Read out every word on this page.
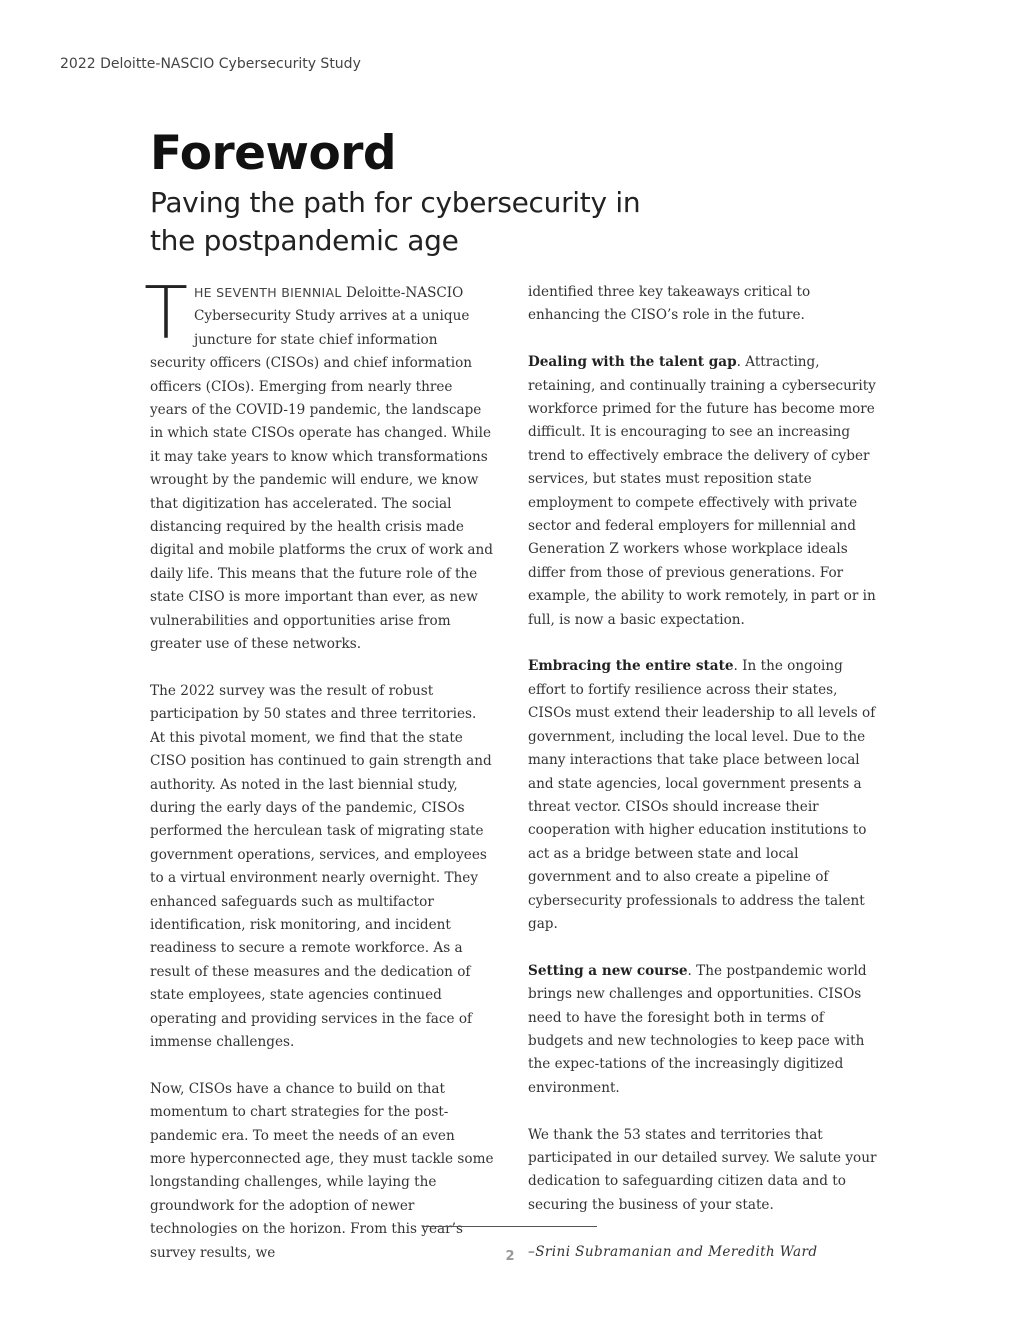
2022 Deloitte-NASCIO Cybersecurity Study
Foreword
Paving the path for cybersecurity in the postpandemic age

THE SEVENTH BIENNIAL Deloitte-NASCIO Cybersecurity Study arrives at a unique juncture for state chief information security officers (CISOs) and chief information officers (CIOs). Emerging from nearly three years of the COVID-19 pandemic, the landscape in which state CISOs operate has changed. While it may take years to know which transformations wrought by the pandemic will endure, we know that digitization has accelerated. The social distancing required by the health crisis made digital and mobile platforms the crux of work and daily life. This means that the future role of the state CISO is more important than ever, as new vulnerabilities and opportunities arise from greater use of these networks.

The 2022 survey was the result of robust participation by 50 states and three territories. At this pivotal moment, we find that the state CISO position has continued to gain strength and authority. As noted in the last biennial study, during the early days of the pandemic, CISOs performed the herculean task of migrating state government operations, services, and employees to a virtual environment nearly overnight. They enhanced safeguards such as multifactor identification, risk monitoring, and incident readiness to secure a remote workforce. As a result of these measures and the dedication of state employees, state agencies continued operating and providing services in the face of immense challenges.

Now, CISOs have a chance to build on that momentum to chart strategies for the post-pandemic era. To meet the needs of an even more hyperconnected age, they must tackle some longstanding challenges, while laying the groundwork for the adoption of newer technologies on the horizon. From this year’s survey results, we

identified three key takeaways critical to enhancing the CISO’s role in the future.

Dealing with the talent gap. Attracting, retaining, and continually training a cybersecurity workforce primed for the future has become more difficult. It is encouraging to see an increasing trend to effectively embrace the delivery of cyber services, but states must reposition state employment to compete effectively with private sector and federal employers for millennial and Generation Z workers whose workplace ideals differ from those of previous generations. For example, the ability to work remotely, in part or in full, is now a basic expectation.

Embracing the entire state. In the ongoing effort to fortify resilience across their states, CISOs must extend their leadership to all levels of government, including the local level. Due to the many interactions that take place between local and state agencies, local government presents a threat vector. CISOs should increase their cooperation with higher education institutions to act as a bridge between state and local government and to also create a pipeline of cybersecurity professionals to address the talent gap.

Setting a new course. The postpandemic world brings new challenges and opportunities. CISOs need to have the foresight both in terms of budgets and new technologies to keep pace with the expec-tations of the increasingly digitized environment.

We thank the 53 states and territories that participated in our detailed survey. We salute your dedication to safeguarding citizen data and to securing the business of your state.

–Srini Subramanian and Meredith Ward

2
